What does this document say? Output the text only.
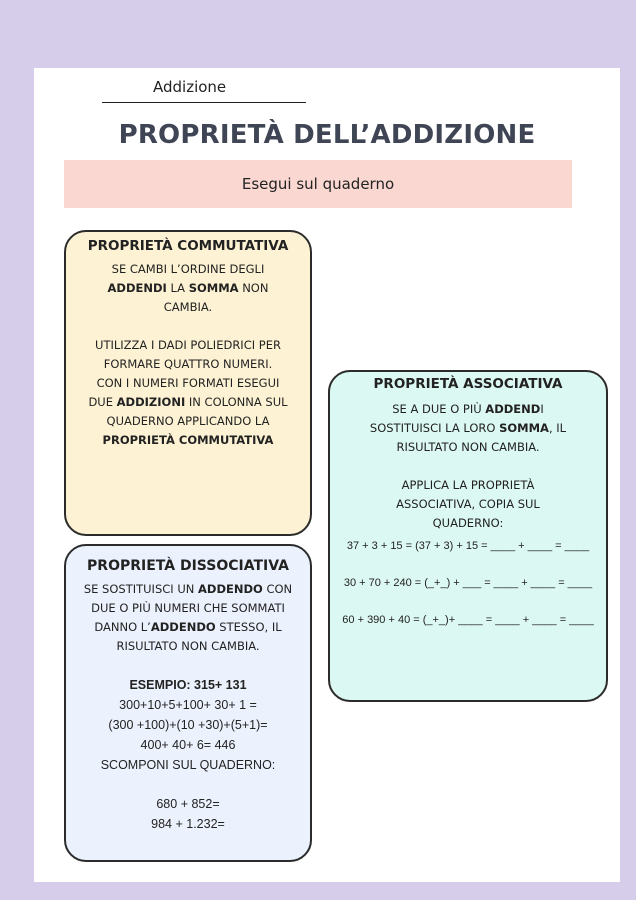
Addizione
PROPRIETÀ DELL’ADDIZIONE
Esegui sul quaderno
PROPRIETÀ COMMUTATIVA

SE CAMBI L’ORDINE DEGLI

ADDENDI LA SOMMA NON

CAMBIA.

UTILIZZA I DADI POLIEDRICI PER

FORMARE QUATTRO NUMERI.

CON I NUMERI FORMATI ESEGUI

DUE ADDIZIONI IN COLONNA SUL

QUADERNO APPLICANDO LA

PROPRIETÀ COMMUTATIVA

PROPRIETÀ ASSOCIATIVA

SE A DUE O PIÙ ADDENDI

SOSTITUISCI LA LORO SOMMA, IL

RISULTATO NON CAMBIA.

APPLICA LA PROPRIETÀ

ASSOCIATIVA, COPIA SUL

QUADERNO:

37 + 3 + 15 = (37 + 3) + 15 = ____ + ____ = ____

30 + 70 + 240 = (_+_) + ___ = ____ + ____ = ____

60 + 390 + 40 = (_+_)+ ____ = ____ + ____ = ____

PROPRIETÀ DISSOCIATIVA

SE SOSTITUISCI UN ADDENDO CON

DUE O PIÙ NUMERI CHE SOMMATI

DANNO L’ADDENDO STESSO, IL

RISULTATO NON CAMBIA.

ESEMPIO: 315+ 131

300+10+5+100+ 30+ 1 =

(300 +100)+(10 +30)+(5+1)=

400+ 40+ 6= 446

SCOMPONI SUL QUADERNO:

680 + 852=

984 + 1.232=
